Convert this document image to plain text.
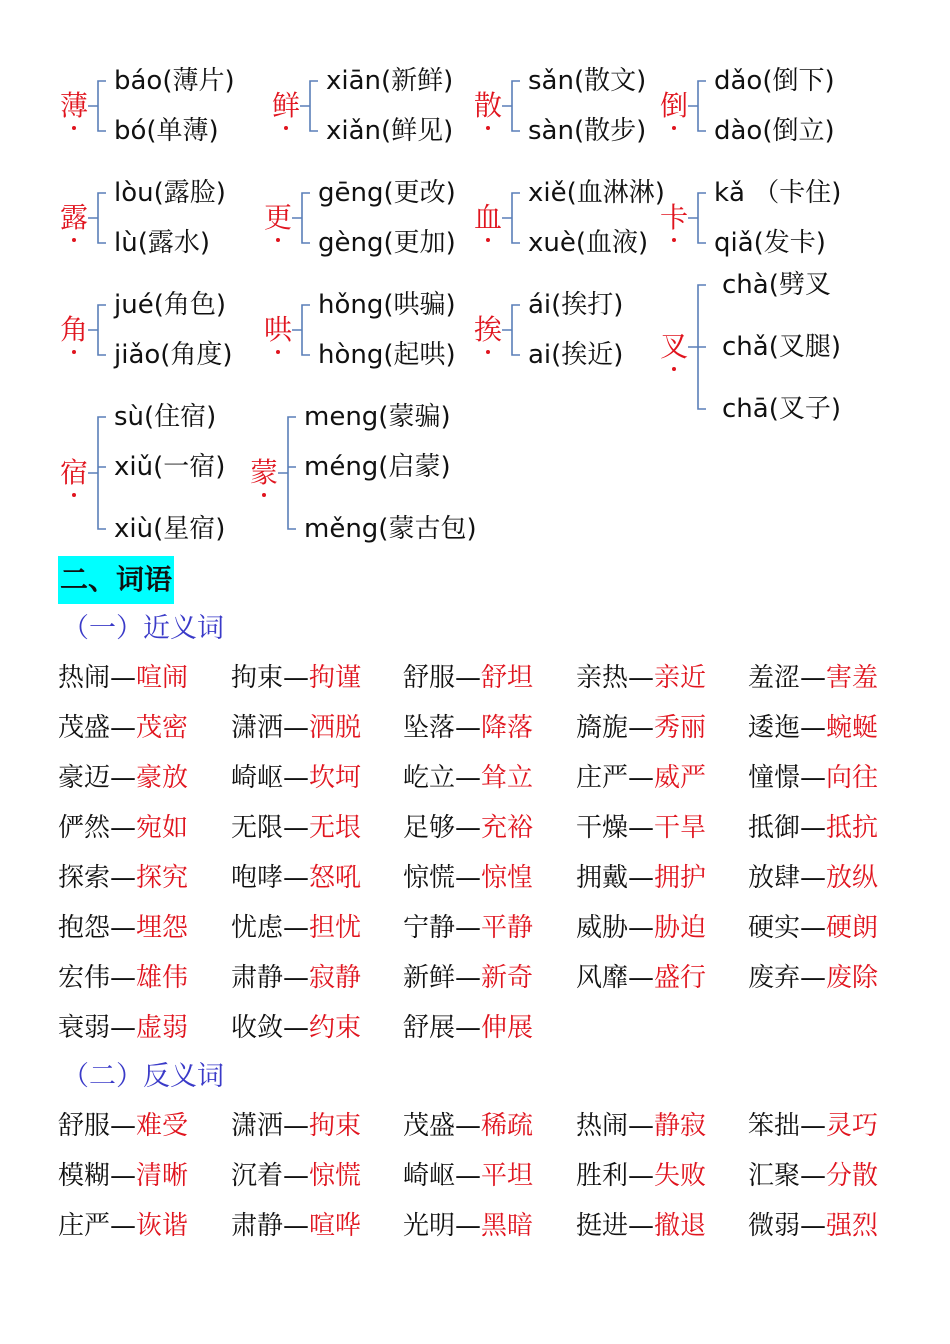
薄
báo(薄片)
bó(单薄)
鲜
xiān(新鲜)
xiǎn(鲜见)
散
sǎn(散文)
sàn(散步)
倒
dǎo(倒下)
dào(倒立)
露
lòu(露脸)
lù(露水)
更
gēng(更改)
gèng(更加)
血
xiě(血淋淋)
xuè(血液)
卡
kǎ （卡住)
qiǎ(发卡)
角
jué(角色)
jiǎo(角度)
哄
hǒng(哄骗)
hòng(起哄)
挨
ái(挨打)
ai(挨近) 叉
chà(劈叉
chǎ(叉腿)
chā(叉子)
宿
sù(住宿)
xiǔ(一宿)
xiù(星宿)
蒙
meng(蒙骗)
méng(启蒙)
měng(蒙古包)
二、词语
（一）近义词
热闹—喧闹 拘束—拘谨 舒服—舒坦 亲热—亲近 羞涩—害羞
茂盛—茂密 潇洒—洒脱 坠落—降落 旖旎—秀丽 逶迤—蜿蜒
豪迈—豪放 崎岖—坎坷 屹立—耸立 庄严—威严 憧憬—向往
俨然—宛如 无限—无垠 足够—充裕 干燥—干旱 抵御—抵抗
探索—探究 咆哮—怒吼 惊慌—惊惶 拥戴—拥护 放肆—放纵
抱怨—埋怨 忧虑—担忧 宁静—平静 威胁—胁迫 硬实—硬朗
宏伟—雄伟 肃静—寂静 新鲜—新奇 风靡—盛行 废弃—废除
衰弱—虚弱 收敛—约束 舒展—伸展
（二）反义词
舒服—难受 潇洒—拘束 茂盛—稀疏 热闹—静寂 笨拙—灵巧
模糊—清晰 沉着—惊慌 崎岖—平坦 胜利—失败 汇聚—分散
庄严—诙谐 肃静—喧哗 光明—黑暗 挺进—撤退 微弱—强烈
